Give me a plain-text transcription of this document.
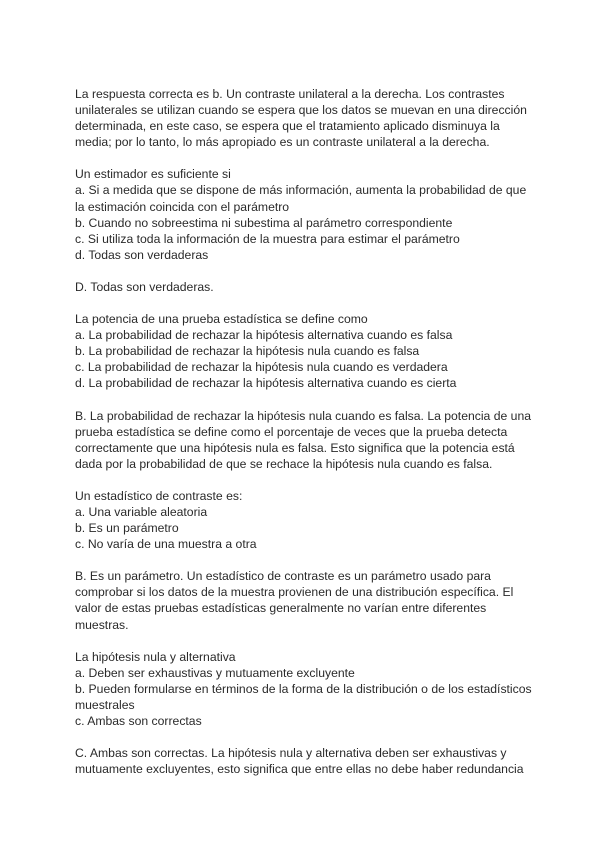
La respuesta correcta es b. Un contraste unilateral a la derecha. Los contrastes
unilaterales se utilizan cuando se espera que los datos se muevan en una dirección
determinada, en este caso, se espera que el tratamiento aplicado disminuya la
media; por lo tanto, lo más apropiado es un contraste unilateral a la derecha.
Un estimador es suficiente si
a. Si a medida que se dispone de más información, aumenta la probabilidad de que
la estimación coincida con el parámetro
b. Cuando no sobreestima ni subestima al parámetro correspondiente
c. Si utiliza toda la información de la muestra para estimar el parámetro
d. Todas son verdaderas
D. Todas son verdaderas.
La potencia de una prueba estadística se define como
a. La probabilidad de rechazar la hipótesis alternativa cuando es falsa
b. La probabilidad de rechazar la hipótesis nula cuando es falsa
c. La probabilidad de rechazar la hipótesis nula cuando es verdadera
d. La probabilidad de rechazar la hipótesis alternativa cuando es cierta
B. La probabilidad de rechazar la hipótesis nula cuando es falsa. La potencia de una
prueba estadística se define como el porcentaje de veces que la prueba detecta
correctamente que una hipótesis nula es falsa. Esto significa que la potencia está
dada por la probabilidad de que se rechace la hipótesis nula cuando es falsa.
Un estadístico de contraste es:
a. Una variable aleatoria
b. Es un parámetro
c. No varía de una muestra a otra
B. Es un parámetro. Un estadístico de contraste es un parámetro usado para
comprobar si los datos de la muestra provienen de una distribución específica. El
valor de estas pruebas estadísticas generalmente no varían entre diferentes
muestras.
La hipótesis nula y alternativa
a. Deben ser exhaustivas y mutuamente excluyente
b. Pueden formularse en términos de la forma de la distribución o de los estadísticos
muestrales
c. Ambas son correctas
C. Ambas son correctas. La hipótesis nula y alternativa deben ser exhaustivas y
mutuamente excluyentes, esto significa que entre ellas no debe haber redundancia
